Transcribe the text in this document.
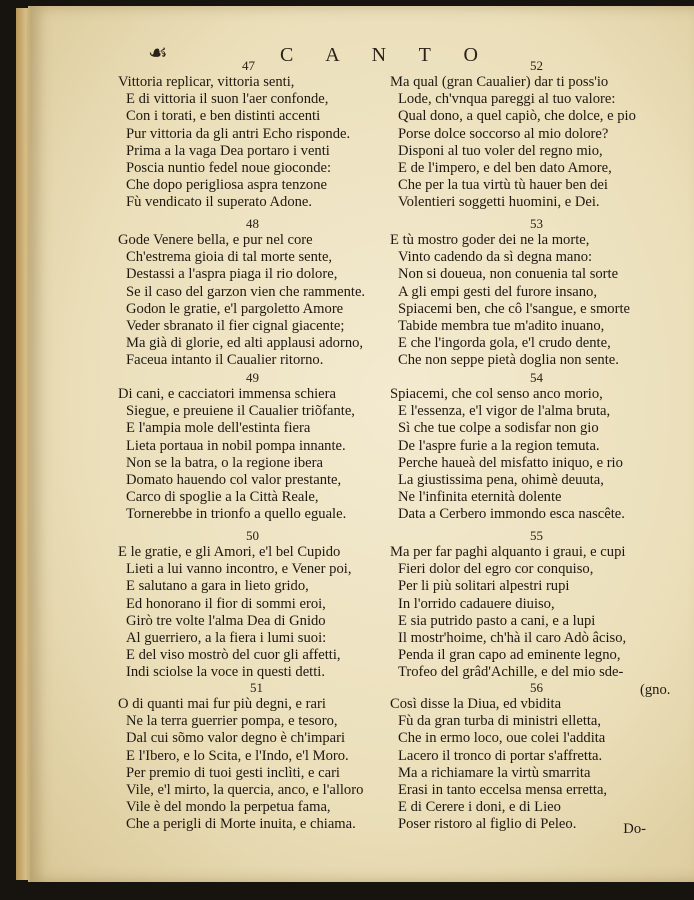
☙	C A N T O
47
Vittoria replicar, vittoria senti,
E di vittoria il suon l'aer confonde,
Con i torati, e ben distinti accenti
Pur vittoria da gli antri Echo risponde.
Prima a la vaga Dea portaro i venti
Poscia nuntio fedel noue gioconde:
Che dopo perigliosa aspra tenzone
Fù vendicato il superato Adone.
52
Ma qual (gran Caualier) dar ti poss'io
Lode, ch'vnqua pareggi al tuo valore:
Qual dono, a quel capiò, che dolce, e pio
Porse dolce soccorso al mio dolore?
Disponi al tuo voler del regno mio,
E de l'impero, e del ben dato Amore,
Che per la tua virtù tù hauer ben dei
Volentieri soggetti huomini, e Dei.
48
Gode Venere bella, e pur nel core
Ch'estrema gioia di tal morte sente,
Destassi a l'aspra piaga il rio dolore,
Se il caso del garzon vien che rammente.
Godon le gratie, e'l pargoletto Amore
Veder sbranato il fier cignal giacente;
Ma già di glorie, ed alti applausi adorno,
Faceua intanto il Caualier ritorno.
53
E tù mostro goder dei ne la morte,
Vinto cadendo da sì degna mano:
Non si doueua, non conuenia tal sorte
A gli empi gesti del furore insano,
Spiacemi ben, che cô l'sangue, e smorte
Tabide membra tue m'adito inuano,
E che l'ingorda gola, e'l crudo dente,
Che non seppe pietà doglia non sente.
49
Di cani, e cacciatori immensa schiera
Siegue, e preuiene il Caualier triõfante,
E l'ampia mole dell'estinta fiera
Lieta portaua in nobil pompa innante.
Non se la batra, o la regione ibera
Domato hauendo col valor prestante,
Carco di spoglie a la Città Reale,
Tornerebbe in trionfo a quello eguale.
54
Spiacemi, che col senso anco morio,
E l'essenza, e'l vigor de l'alma bruta,
Sì che tue colpe a sodisfar non gio
De l'aspre furie a la region temuta.
Perche haueà del misfatto iniquo, e rio
La giustissima pena, ohimè deuuta,
Ne l'infinita eternità dolente
Data a Cerbero immondo esca nascête.
50
E le gratie, e gli Amori, e'l bel Cupido
Lieti a lui vanno incontro, e Vener poi,
E salutano a gara in lieto grido,
Ed honorano il fior di sommi eroi,
Girò tre volte l'alma Dea di Gnido
Al guerriero, a la fiera i lumi suoi:
E del viso mostrò del cuor gli affetti,
Indi sciolse la voce in questi detti.
55
Ma per far paghi alquanto i graui, e cupi
Fieri dolor del egro cor conquiso,
Per li più solitari alpestri rupi
In l'orrido cadauere diuiso,
E sia putrido pasto a cani, e a lupi
Il mostr'hoime, ch'hà il caro Adò âciso,
Penda il gran capo ad eminente legno,
Trofeo del grâd'Achille, e del mio sde-
(gno.
51
O di quanti mai fur più degni, e rari
Ne la terra guerrier pompa, e tesoro,
Dal cui sõmo valor degno è ch'impari
E l'Ibero, e lo Scita, e l'Indo, e'l Moro.
Per premio di tuoi gesti inclìti, e cari
Vile, e'l mirto, la quercia, anco, e l'alloro
Vile è del mondo la perpetua fama,
Che a perigli di Morte inuita, e chiama.
56
Così disse la Diua, ed vbidita
Fù da gran turba di ministri elletta,
Che in ermo loco, oue colei l'addita
Lacero il tronco di portar s'affretta.
Ma a richiamare la virtù smarrita
Erasi in tanto eccelsa mensa erretta,
E di Cerere i doni, e di Lieo
Poser ristoro al figlio di Peleo.	Do-
